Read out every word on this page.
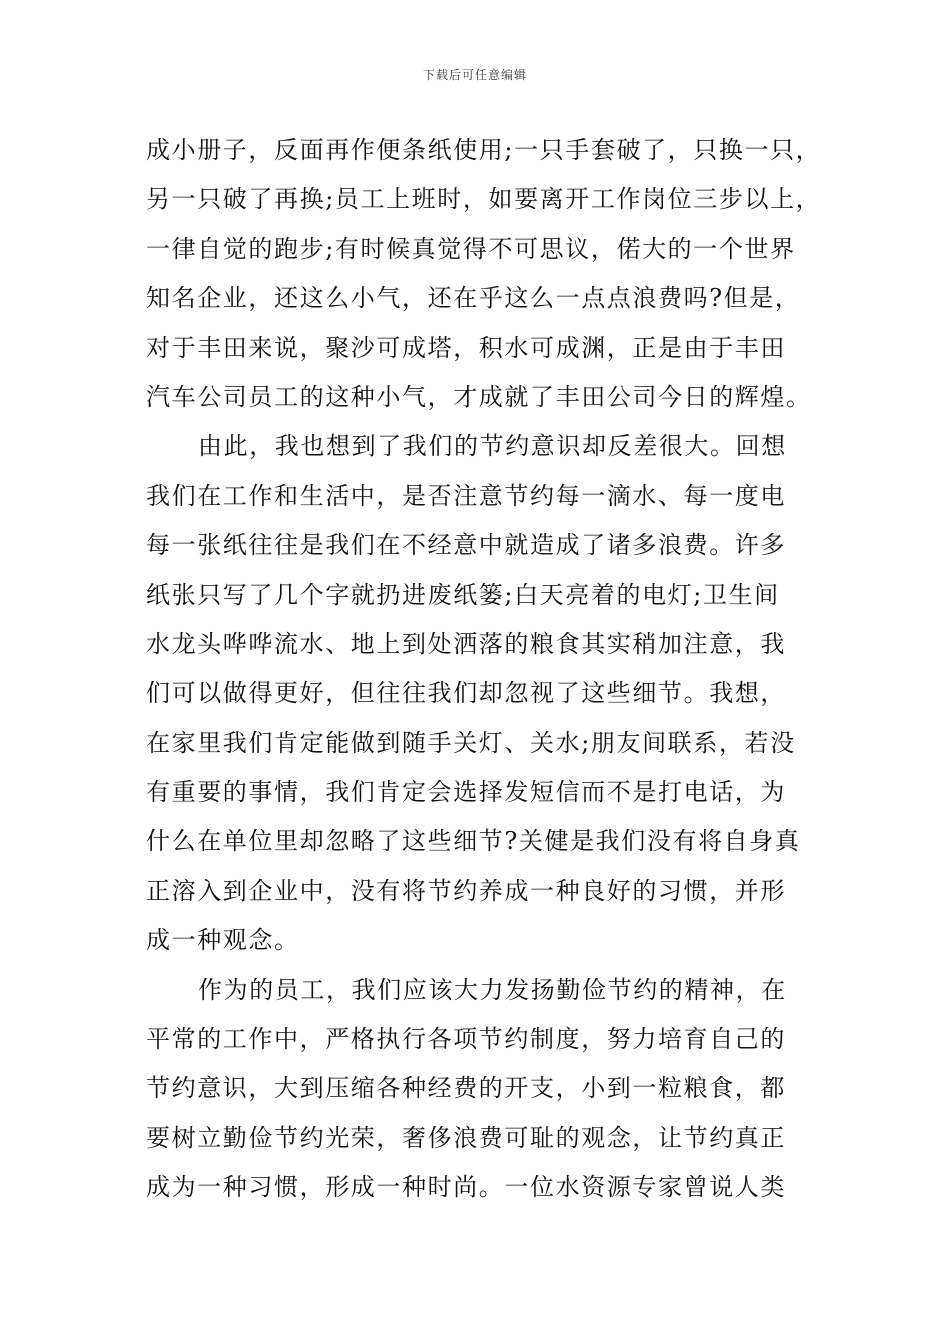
下载后可任意编辑
成小册子，反面再作便条纸使用;一只手套破了，只换一只，
另一只破了再换;员工上班时，如要离开工作岗位三步以上，
一律自觉的跑步;有时候真觉得不可思议，偌大的一个世界
知名企业，还这么小气，还在乎这么一点点浪费吗?但是，
对于丰田来说，聚沙可成塔，积水可成渊，正是由于丰田
汽车公司员工的这种小气，才成就了丰田公司今日的辉煌。
由此，我也想到了我们的节约意识却反差很大。回想
我们在工作和生活中，是否注意节约每一滴水、每一度电
每一张纸往往是我们在不经意中就造成了诸多浪费。许多
纸张只写了几个字就扔进废纸篓;白天亮着的电灯;卫生间
水龙头哗哗流水、地上到处洒落的粮食其实稍加注意，我
们可以做得更好，但往往我们却忽视了这些细节。我想，
在家里我们肯定能做到随手关灯、关水;朋友间联系，若没
有重要的事情，我们肯定会选择发短信而不是打电话，为
什么在单位里却忽略了这些细节?关健是我们没有将自身真
正溶入到企业中，没有将节约养成一种良好的习惯，并形
成一种观念。
作为的员工，我们应该大力发扬勤俭节约的精神，在
平常的工作中，严格执行各项节约制度，努力培育自己的
节约意识，大到压缩各种经费的开支，小到一粒粮食，都
要树立勤俭节约光荣，奢侈浪费可耻的观念，让节约真正
成为一种习惯，形成一种时尚。一位水资源专家曾说人类
